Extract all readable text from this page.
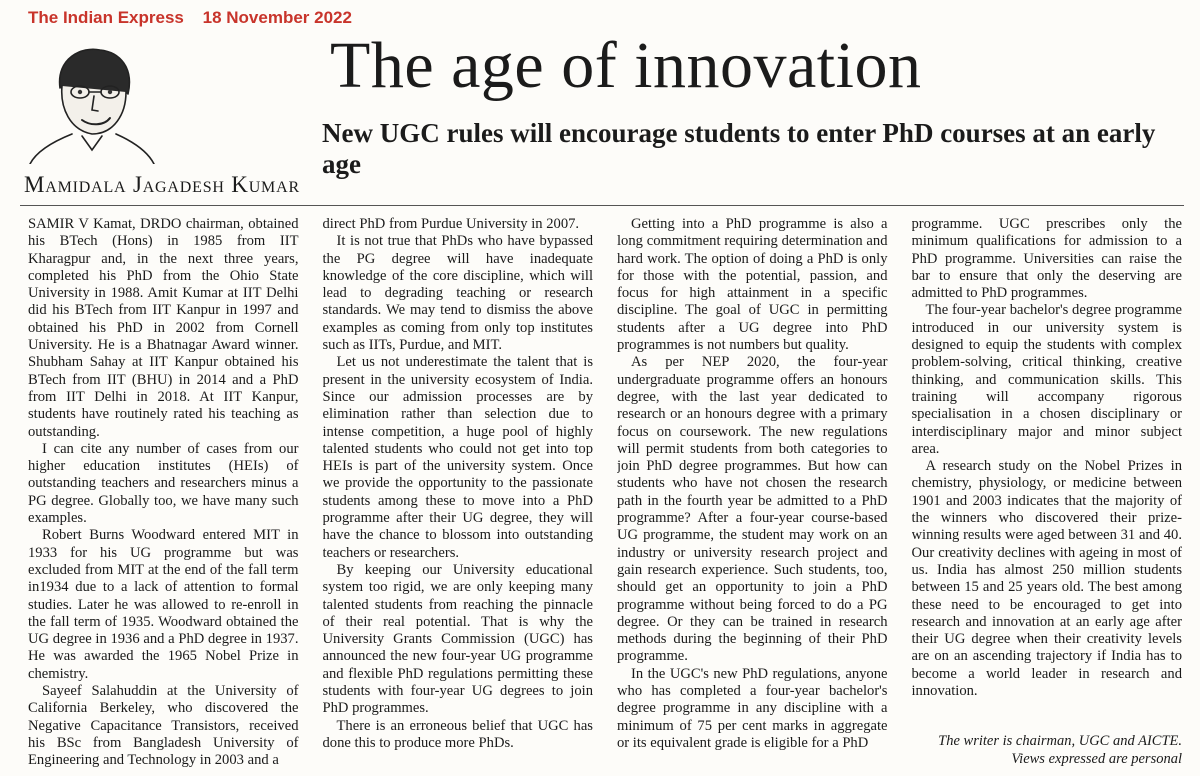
The Indian Express 18 November 2022
The age of innovation
New UGC rules will encourage students to enter PhD courses at an early age
Mamidala Jagadesh Kumar

SAMIR V Kamat, DRDO chairman, obtained his BTech (Hons) in 1985 from IIT Kharagpur and, in the next three years, completed his PhD from the Ohio State University in 1988. Amit Kumar at IIT Delhi did his BTech from IIT Kanpur in 1997 and obtained his PhD in 2002 from Cornell University. He is a Bhatnagar Award winner. Shubham Sahay at IIT Kanpur obtained his BTech from IIT (BHU) in 2014 and a PhD from IIT Delhi in 2018. At IIT Kanpur, students have routinely rated his teaching as outstanding.

I can cite any number of cases from our higher education institutes (HEIs) of outstanding teachers and researchers minus a PG degree. Globally too, we have many such examples.

Robert Burns Woodward entered MIT in 1933 for his UG programme but was excluded from MIT at the end of the fall term in1934 due to a lack of attention to formal studies. Later he was allowed to re-enroll in the fall term of 1935. Woodward obtained the UG degree in 1936 and a PhD degree in 1937. He was awarded the 1965 Nobel Prize in chemistry.

Sayeef Salahuddin at the University of California Berkeley, who discovered the Negative Capacitance Transistors, received his BSc from Bangladesh University of Engineering and Technology in 2003 and a

direct PhD from Purdue University in 2007.

It is not true that PhDs who have bypassed the PG degree will have inadequate knowledge of the core discipline, which will lead to degrading teaching or research standards. We may tend to dismiss the above examples as coming from only top institutes such as IITs, Purdue, and MIT.

Let us not underestimate the talent that is present in the university ecosystem of India. Since our admission processes are by elimination rather than selection due to intense competition, a huge pool of highly talented students who could not get into top HEIs is part of the university system. Once we provide the opportunity to the passionate students among these to move into a PhD programme after their UG degree, they will have the chance to blossom into outstanding teachers or researchers.

By keeping our University educational system too rigid, we are only keeping many talented students from reaching the pinnacle of their real potential. That is why the University Grants Commission (UGC) has announced the new four-year UG programme and flexible PhD regulations permitting these students with four-year UG degrees to join PhD programmes.

There is an erroneous belief that UGC has done this to produce more PhDs.

Getting into a PhD programme is also a long commitment requiring determination and hard work. The option of doing a PhD is only for those with the potential, passion, and focus for high attainment in a specific discipline. The goal of UGC in permitting students after a UG degree into PhD programmes is not numbers but quality.

As per NEP 2020, the four-year undergraduate programme offers an honours degree, with the last year dedicated to research or an honours degree with a primary focus on coursework. The new regulations will permit students from both categories to join PhD degree programmes. But how can students who have not chosen the research path in the fourth year be admitted to a PhD programme? After a four-year course-based UG programme, the student may work on an industry or university research project and gain research experience. Such students, too, should get an opportunity to join a PhD programme without being forced to do a PG degree. Or they can be trained in research methods during the beginning of their PhD programme.

In the UGC's new PhD regulations, anyone who has completed a four-year bachelor's degree programme in any discipline with a minimum of 75 per cent marks in aggregate or its equivalent grade is eligible for a PhD

programme. UGC prescribes only the minimum qualifications for admission to a PhD programme. Universities can raise the bar to ensure that only the deserving are admitted to PhD programmes.

The four-year bachelor's degree programme introduced in our university system is designed to equip the students with complex problem-solving, critical thinking, creative thinking, and communication skills. This training will accompany rigorous specialisation in a chosen disciplinary or interdisciplinary major and minor subject area.

A research study on the Nobel Prizes in chemistry, physiology, or medicine between 1901 and 2003 indicates that the majority of the winners who discovered their prize-winning results were aged between 31 and 40. Our creativity declines with ageing in most of us. India has almost 250 million students between 15 and 25 years old. The best among these need to be encouraged to get into research and innovation at an early age after their UG degree when their creativity levels are on an ascending trajectory if India has to become a world leader in research and innovation.

The writer is chairman, UGC and AICTE.
Views expressed are personal
